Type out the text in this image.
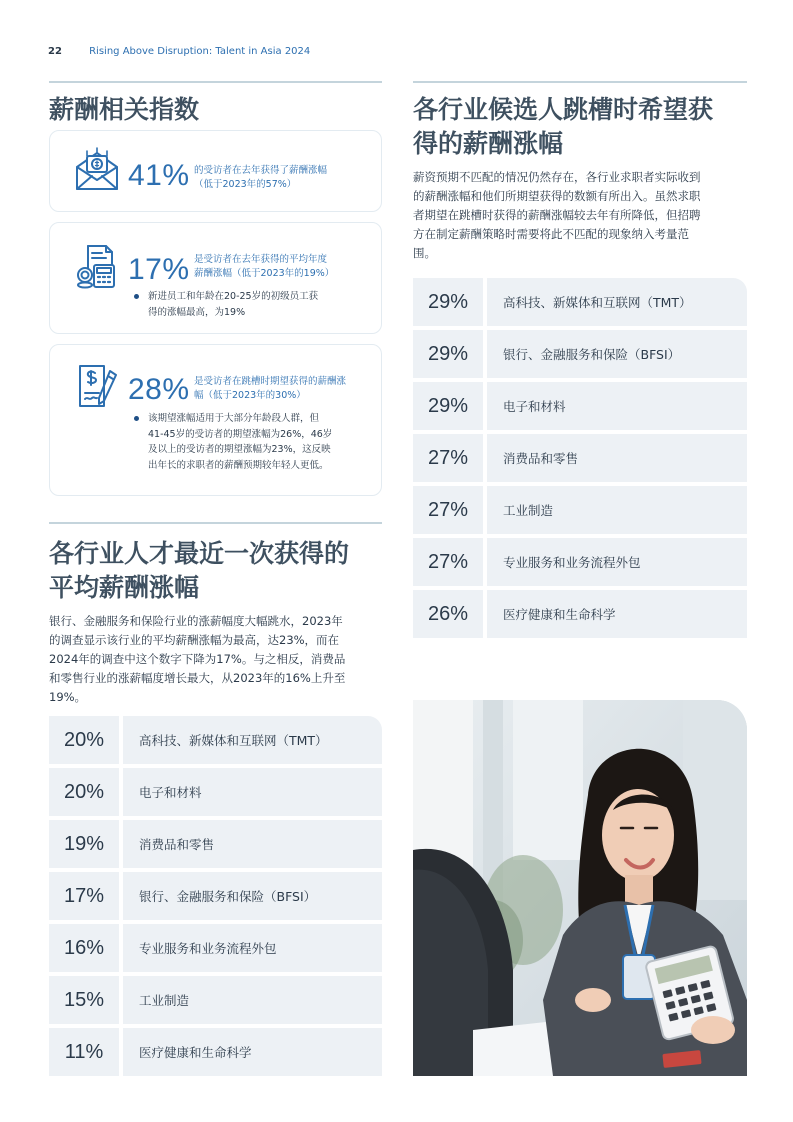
22	Rising Above Disruption: Talent in Asia 2024
薪酬相关指数
41% 的受访者在去年获得了薪酬涨幅
（低于2023年的57%）
17% 是受访者在去年获得的平均年度
薪酬涨幅（低于2023年的19%）
新进员工和年龄在20-25岁的初级员工获
得的涨幅最高，为19%
28% 是受访者在跳槽时期望获得的薪酬涨
幅（低于2023年的30%）
该期望涨幅适用于大部分年龄段人群，但
41-45岁的受访者的期望涨幅为26%，46岁
及以上的受访者的期望涨幅为23%，这反映
出年长的求职者的薪酬预期较年轻人更低。
各行业人才最近一次获得的
平均薪酬涨幅
银行、金融服务和保险行业的涨薪幅度大幅跳水，2023年
的调查显示该行业的平均薪酬涨幅为最高，达23%，而在
2024年的调查中这个数字下降为17%。与之相反，消费品
和零售行业的涨薪幅度增长最大，从2023年的16%上升至
19%。
20%	高科技、新媒体和互联网（TMT）
20%	电子和材料
19%	消费品和零售
17%	银行、金融服务和保险（BFSI）
16%	专业服务和业务流程外包
15%	工业制造
11%	医疗健康和生命科学
各行业候选人跳槽时希望获
得的薪酬涨幅
薪资预期不匹配的情况仍然存在，各行业求职者实际收到
的薪酬涨幅和他们所期望获得的数额有所出入。虽然求职
者期望在跳槽时获得的薪酬涨幅较去年有所降低，但招聘
方在制定薪酬策略时需要将此不匹配的现象纳入考量范
围。
29%	高科技、新媒体和互联网（TMT）
29%	银行、金融服务和保险（BFSI）
29%	电子和材料
27%	消费品和零售
27%	工业制造
27%	专业服务和业务流程外包
26%	医疗健康和生命科学
